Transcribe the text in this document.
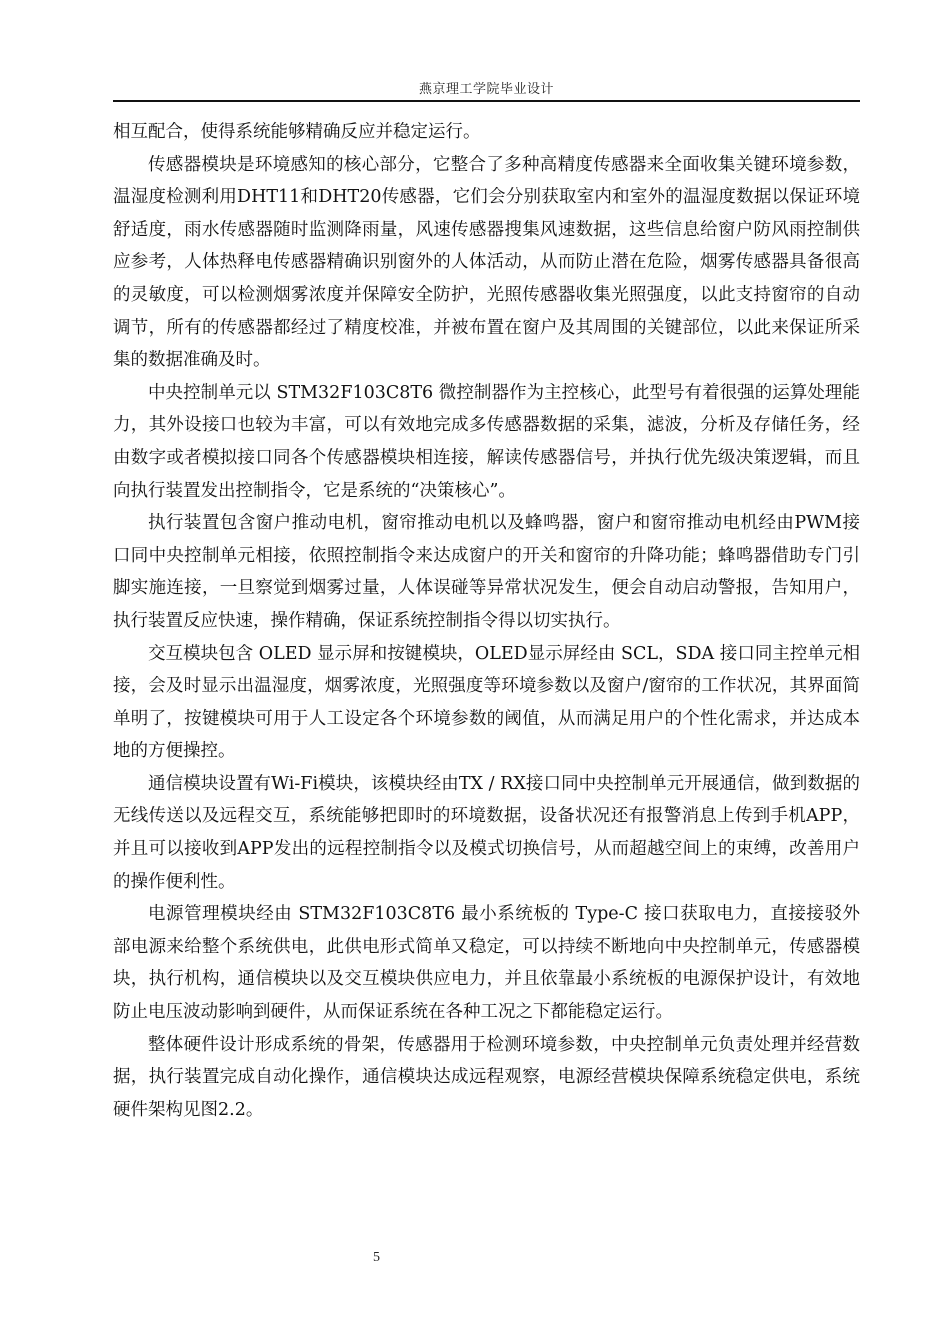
燕京理工学院毕业设计

相互配合，使得系统能够精确反应并稳定运行。

传感器模块是环境感知的核心部分，它整合了多种高精度传感器来全面收集关键环境参数，温湿度检测利用DHT11和DHT20传感器，它们会分别获取室内和室外的温湿度数据以保证环境舒适度，雨水传感器随时监测降雨量，风速传感器搜集风速数据，这些信息给窗户防风雨控制供应参考，人体热释电传感器精确识别窗外的人体活动，从而防止潜在危险，烟雾传感器具备很高的灵敏度，可以检测烟雾浓度并保障安全防护，光照传感器收集光照强度，以此支持窗帘的自动调节，所有的传感器都经过了精度校准，并被布置在窗户及其周围的关键部位，以此来保证所采集的数据准确及时。

中央控制单元以 STM32F103C8T6 微控制器作为主控核心，此型号有着很强的运算处理能力，其外设接口也较为丰富，可以有效地完成多传感器数据的采集，滤波，分析及存储任务，经由数字或者模拟接口同各个传感器模块相连接，解读传感器信号，并执行优先级决策逻辑，而且向执行装置发出控制指令，它是系统的“决策核心”。

执行装置包含窗户推动电机，窗帘推动电机以及蜂鸣器，窗户和窗帘推动电机经由PWM接口同中央控制单元相接，依照控制指令来达成窗户的开关和窗帘的升降功能；蜂鸣器借助专门引脚实施连接，一旦察觉到烟雾过量，人体误碰等异常状况发生，便会自动启动警报，告知用户，执行装置反应快速，操作精确，保证系统控制指令得以切实执行。

交互模块包含 OLED 显示屏和按键模块，OLED显示屏经由 SCL，SDA 接口同主控单元相接，会及时显示出温湿度，烟雾浓度，光照强度等环境参数以及窗户/窗帘的工作状况，其界面简单明了，按键模块可用于人工设定各个环境参数的阈值，从而满足用户的个性化需求，并达成本地的方便操控。

通信模块设置有Wi-Fi模块，该模块经由TX / RX接口同中央控制单元开展通信，做到数据的无线传送以及远程交互，系统能够把即时的环境数据，设备状况还有报警消息上传到手机APP，并且可以接收到APP发出的远程控制指令以及模式切换信号，从而超越空间上的束缚，改善用户的操作便利性。

电源管理模块经由 STM32F103C8T6 最小系统板的 Type-C 接口获取电力，直接接驳外部电源来给整个系统供电，此供电形式简单又稳定，可以持续不断地向中央控制单元，传感器模块，执行机构，通信模块以及交互模块供应电力，并且依靠最小系统板的电源保护设计，有效地防止电压波动影响到硬件，从而保证系统在各种工况之下都能稳定运行。

整体硬件设计形成系统的骨架，传感器用于检测环境参数，中央控制单元负责处理并经营数据，执行装置完成自动化操作，通信模块达成远程观察，电源经营模块保障系统稳定供电，系统硬件架构见图2.2。

5
